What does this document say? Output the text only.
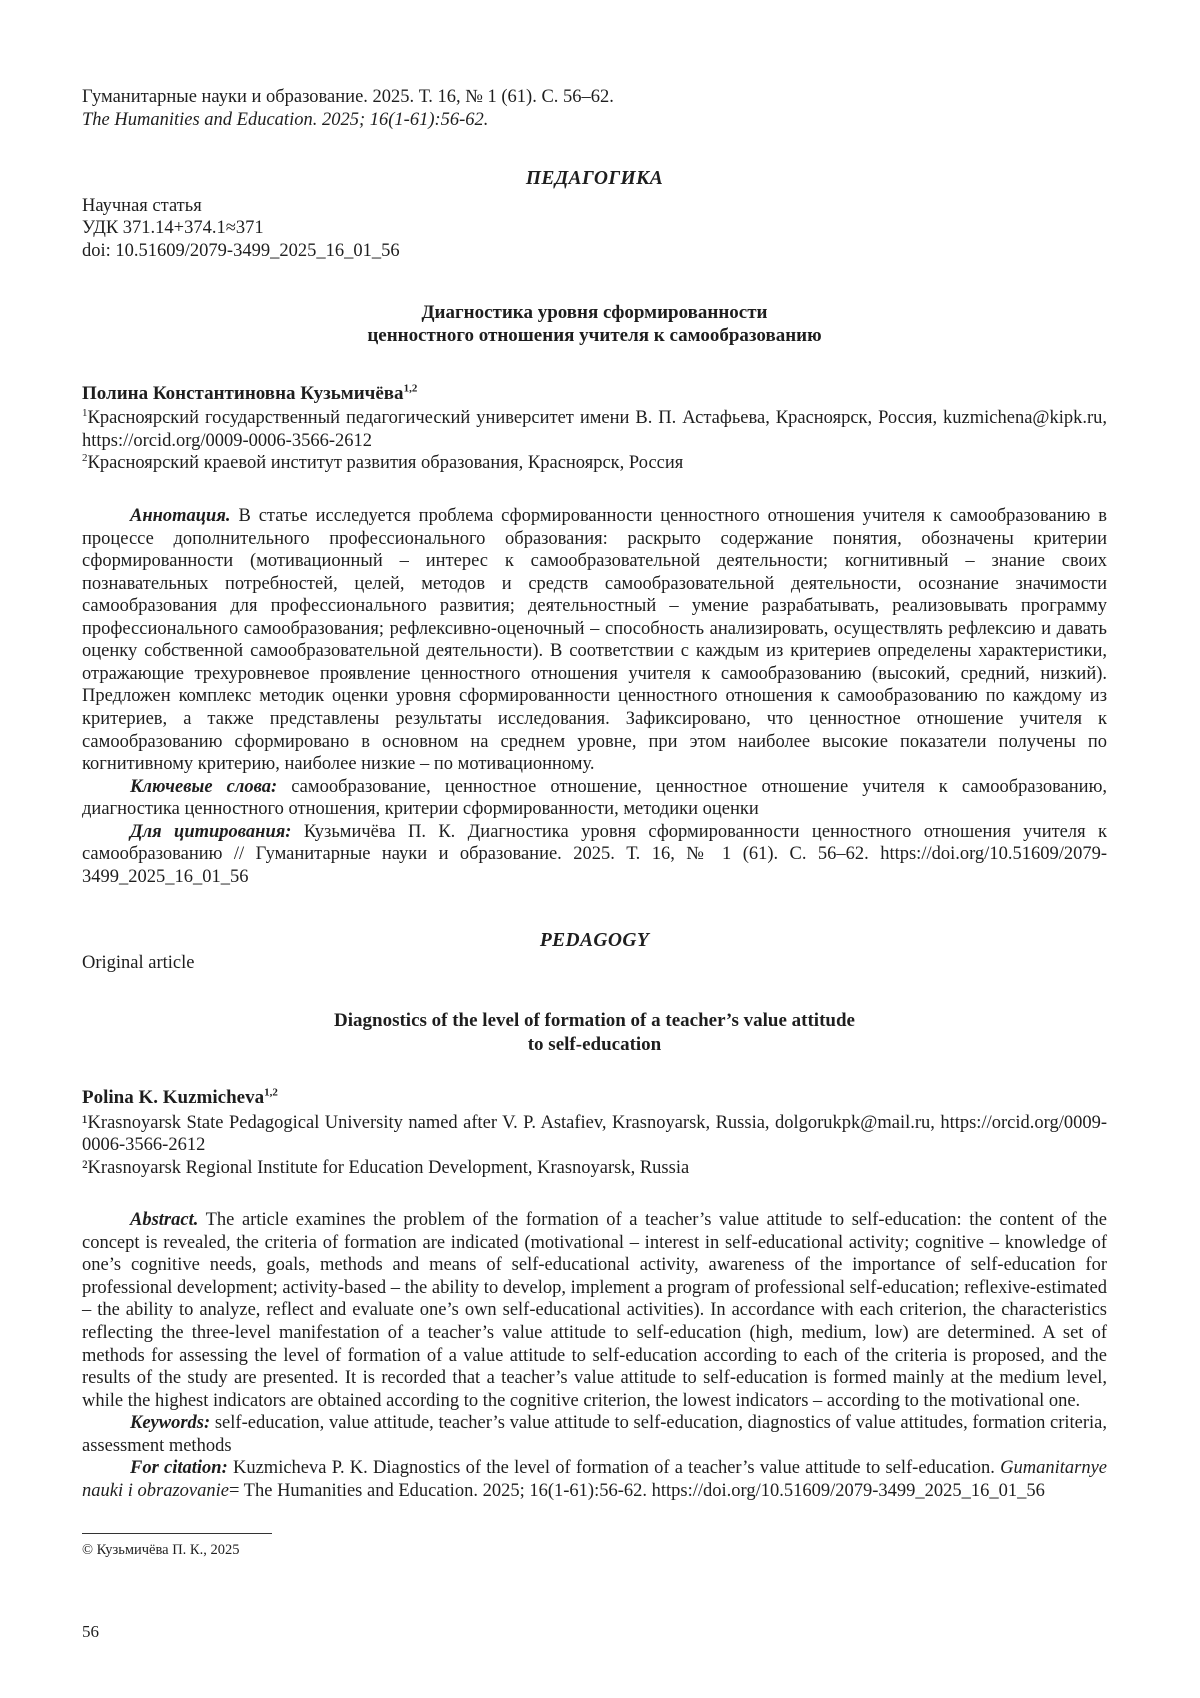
Гуманитарные науки и образование. 2025. Т. 16, № 1 (61). С. 56–62.

The Humanities and Education. 2025; 16(1-61):56-62.

ПЕДАГОГИКА

Научная статья

УДК 371.14+374.1≈371

doi: 10.51609/2079-3499_2025_16_01_56

Диагностика уровня сформированности
ценностного отношения учителя к самообразованию
Полина Константиновна Кузьмичёва$^{1,2}$

$^1$Красноярский государственный педагогический университет имени В. П. Астафьева, Красноярск, Россия, kuzmichena@kipk.ru, https://orcid.org/0009-0006-3566-2612

$^2$Красноярский краевой институт развития образования, Красноярск, Россия

Аннотация. В статье исследуется проблема сформированности ценностного отношения учителя к самообразованию в процессе дополнительного профессионального образования: раскрыто содержание понятия, обозначены критерии сформированности (мотивационный – интерес к самообразовательной деятельности; когнитивный – знание своих познавательных потребностей, целей, методов и средств самообразовательной деятельности, осознание значимости самообразования для профессионального развития; деятельностный – умение разрабатывать, реализовывать программу профессионального самообразования; рефлексивно-оценочный – способность анализировать, осуществлять рефлексию и давать оценку собственной самообразовательной деятельности). В соответствии с каждым из критериев определены характеристики, отражающие трехуровневое проявление ценностного отношения учителя к самообразованию (высокий, средний, низкий). Предложен комплекс методик оценки уровня сформированности ценностного отношения к самообразованию по каждому из критериев, а также представлены результаты исследования. Зафиксировано, что ценностное отношение учителя к самообразованию сформировано в основном на среднем уровне, при этом наиболее высокие показатели получены по когнитивному критерию, наиболее низкие – по мотивационному.

Ключевые слова: самообразование, ценностное отношение, ценностное отношение учителя к самообразованию, диагностика ценностного отношения, критерии сформированности, методики оценки

Для цитирования: Кузьмичёва П. К. Диагностика уровня сформированности ценностного отношения учителя к самообразованию // Гуманитарные науки и образование. 2025. Т. 16, № 1 (61). С. 56–62. https://doi.org/10.51609/2079-3499_2025_16_01_56

PEDAGOGY

Original article

Diagnostics of the level of formation of a teacher’s value attitude
to self-education
Polina K. Kuzmicheva$^{1,2}$

¹Krasnoyarsk State Pedagogical University named after V. P. Astafiev, Krasnoyarsk, Russia, dolgorukpk@mail.ru, https://orcid.org/0009-0006-3566-2612

²Krasnoyarsk Regional Institute for Education Development, Krasnoyarsk, Russia

Abstract. The article examines the problem of the formation of a teacher’s value attitude to self-education: the content of the concept is revealed, the criteria of formation are indicated (motivational – interest in self-educational activity; cognitive – knowledge of one’s cognitive needs, goals, methods and means of self-educational activity, awareness of the importance of self-education for professional development; activity-based – the ability to develop, implement a program of professional self-education; reflexive-estimated – the ability to analyze, reflect and evaluate one’s own self-educational activities). In accordance with each criterion, the characteristics reflecting the three-level manifestation of a teacher’s value attitude to self-education (high, medium, low) are determined. A set of methods for assessing the level of formation of a value attitude to self-education according to each of the criteria is proposed, and the results of the study are presented. It is recorded that a teacher’s value attitude to self-education is formed mainly at the medium level, while the highest indicators are obtained according to the cognitive criterion, the lowest indicators – according to the motivational one.

Keywords: self-education, value attitude, teacher’s value attitude to self-education, diagnostics of value attitudes, formation criteria, assessment methods

For citation: Kuzmicheva P. K. Diagnostics of the level of formation of a teacher’s value attitude to self-education. Gumanitarnye nauki i obrazovanie= The Humanities and Education. 2025; 16(1-61):56-62. https://doi.org/10.51609/2079-3499_2025_16_01_56

© Кузьмичёва П. К., 2025

56
